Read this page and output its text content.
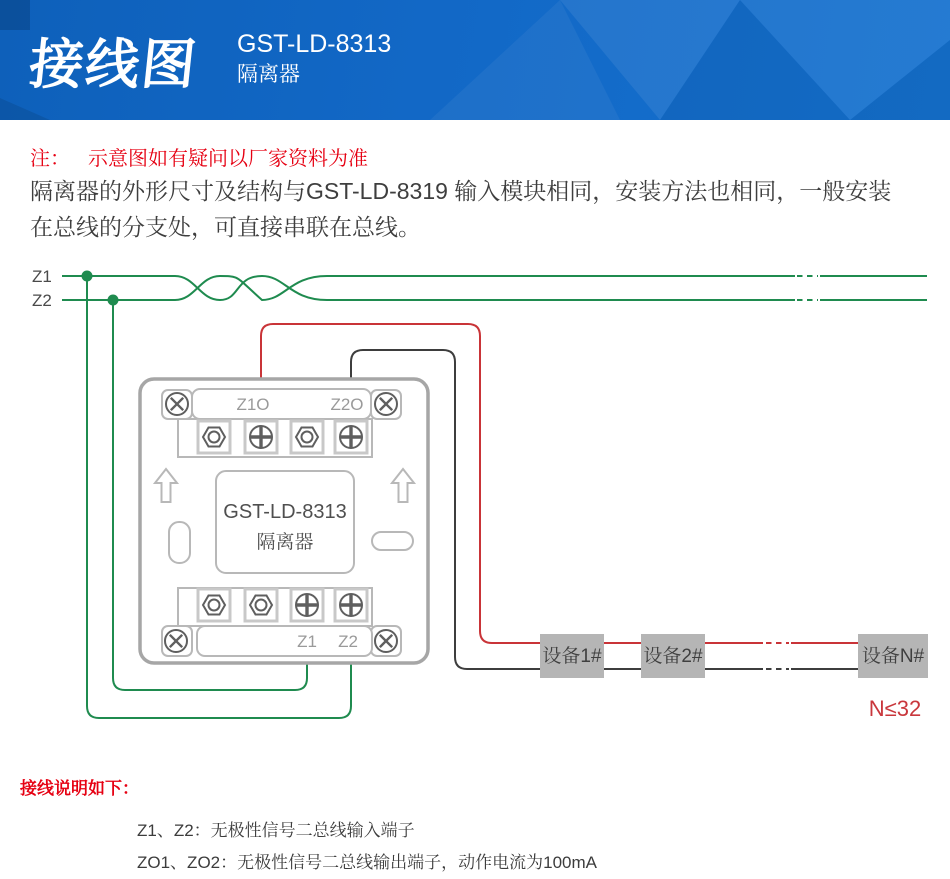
接线图 GST-LD-8313
隔离器
注： 示意图如有疑问以厂家资料为准
隔离器的外形尺寸及结构与GST-LD-8319 输入模块相同，安装方法也相同，一般安装
在总线的分支处，可直接串联在总线。
Z1
Z2
Z1O	Z2O
GST-LD-8313
隔离器
Z1 Z2
设备1# 设备2#	设备N#
N≤32
接线说明如下：
Z1、Z2：无极性信号二总线输入端子
ZO1、ZO2：无极性信号二总线输出端子，动作电流为100mA
